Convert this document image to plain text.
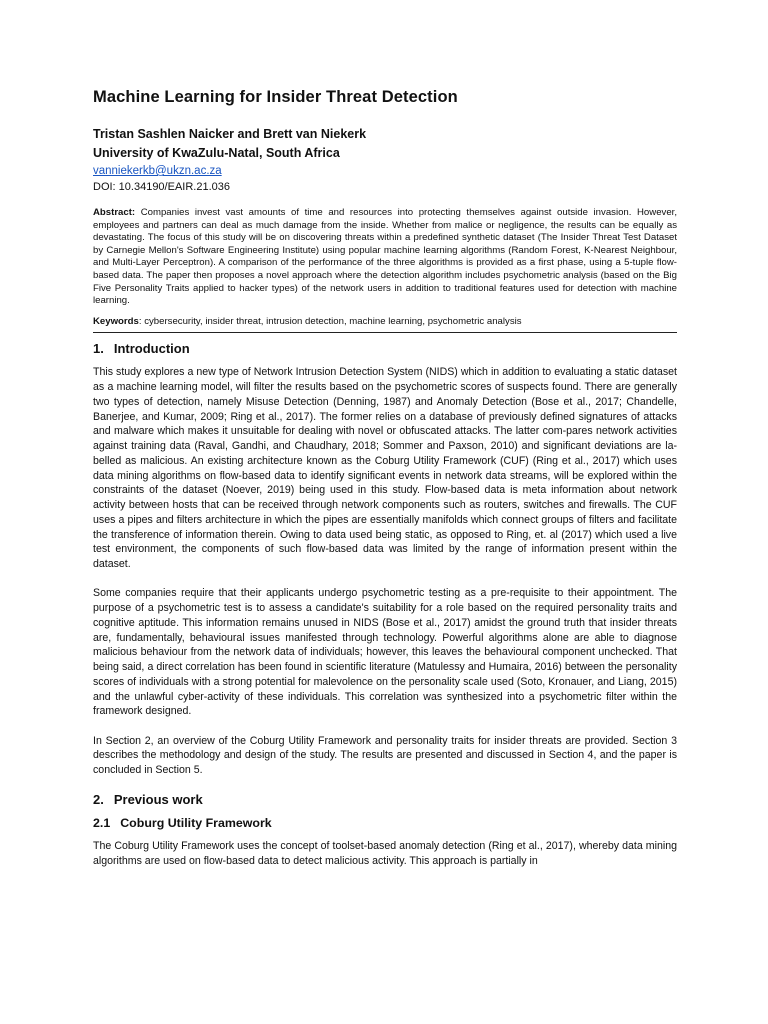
Machine Learning for Insider Threat Detection

Tristan Sashlen Naicker and Brett van Niekerk

University of KwaZulu-Natal, South Africa

vanniekerkb@ukzn.ac.za

DOI: 10.34190/EAIR.21.036

Abstract: Companies invest vast amounts of time and resources into protecting themselves against outside invasion. However, employees and partners can deal as much damage from the inside. Whether from malice or negligence, the results can be equally as devastating. The focus of this study will be on discovering threats within a predefined synthetic dataset (The Insider Threat Test Dataset by Carnegie Mellon's Software Engineering Institute) using popular machine learning algorithms (Random Forest, K-Nearest Neighbour, and Multi-Layer Perceptron). A comparison of the performance of the three algorithms is provided as a first phase, using a 5-tuple flow-based data. The paper then proposes a novel approach where the detection algorithm includes psychometric analysis (based on the Big Five Personality Traits applied to hacker types) of the network users in addition to traditional features used for detection with machine learning.

Keywords: cybersecurity, insider threat, intrusion detection, machine learning, psychometric analysis

1. Introduction

This study explores a new type of Network Intrusion Detection System (NIDS) which in addition to evaluating a static dataset as a machine learning model, will filter the results based on the psychometric scores of suspects found. There are generally two types of detection, namely Misuse Detection (Denning, 1987) and Anomaly Detection (Bose et al., 2017; Chandelle, Banerjee, and Kumar, 2009; Ring et al., 2017). The former relies on a database of previously defined signatures of attacks and malware which makes it unsuitable for dealing with novel or obfuscated attacks. The latter com-pares network activities against training data (Raval, Gandhi, and Chaudhary, 2018; Sommer and Paxson, 2010) and significant deviations are la-belled as malicious. An existing architecture known as the Coburg Utility Framework (CUF) (Ring et al., 2017) which uses data mining algorithms on flow-based data to identify significant events in network data streams, will be explored within the constraints of the dataset (Noever, 2019) being used in this study. Flow-based data is meta information about network activity between hosts that can be received through network components such as routers, switches and firewalls. The CUF uses a pipes and filters architecture in which the pipes are essentially manifolds which connect groups of filters and facilitate the transference of information therein. Owing to data used being static, as opposed to Ring, et. al (2017) which used a live test environment, the components of such flow-based data was limited by the range of information present within the dataset.

Some companies require that their applicants undergo psychometric testing as a pre-requisite to their appointment. The purpose of a psychometric test is to assess a candidate's suitability for a role based on the required personality traits and cognitive aptitude. This information remains unused in NIDS (Bose et al., 2017) amidst the ground truth that insider threats are, fundamentally, behavioural issues manifested through technology. Powerful algorithms alone are able to diagnose malicious behaviour from the network data of individuals; however, this leaves the behavioural component unchecked. That being said, a direct correlation has been found in scientific literature (Matulessy and Humaira, 2016) between the personality scores of individuals with a strong potential for malevolence on the personality scale used (Soto, Kronauer, and Liang, 2015) and the unlawful cyber-activity of these individuals. This correlation was synthesized into a psychometric filter within the framework designed.

In Section 2, an overview of the Coburg Utility Framework and personality traits for insider threats are provided. Section 3 describes the methodology and design of the study. The results are presented and discussed in Section 4, and the paper is concluded in Section 5.

2. Previous work
2.1 Coburg Utility Framework

The Coburg Utility Framework uses the concept of toolset-based anomaly detection (Ring et al., 2017), whereby data mining algorithms are used on flow-based data to detect malicious activity. This approach is partially in
